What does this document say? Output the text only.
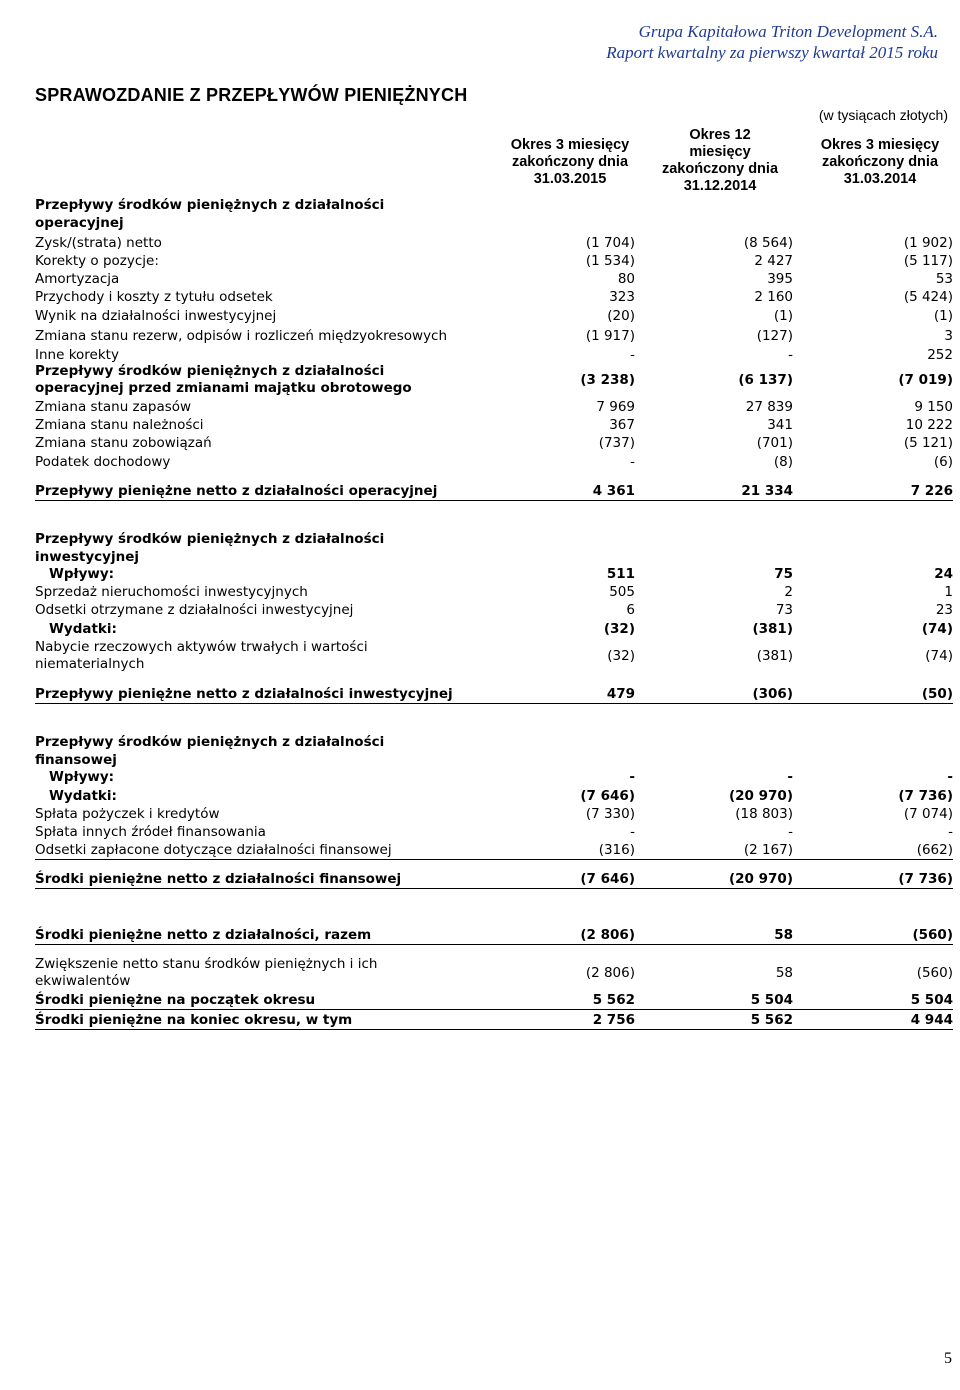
Grupa Kapitałowa Triton Development S.A.
Raport kwartalny za pierwszy kwartał 2015 roku
SPRAWOZDANIE Z PRZEPŁYWÓW PIENIĘŻNYCH
(w tysiącach złotych)
Okres 3 miesięcy
zakończony dnia
31.03.2015
Okres 12
miesięcy
zakończony dnia
31.12.2014
Okres 3 miesięcy
zakończony dnia
31.03.2014
Przepływy środków pieniężnych z działalności operacyjnej
Zysk/(strata) netto	(1 704)	(8 564)	(1 902)
Korekty o pozycje:	(1 534)	2 427	(5 117)
Amortyzacja	80	395	53
Przychody i koszty z tytułu odsetek	323	2 160	(5 424)
Wynik na działalności inwestycyjnej	(20)	(1)	(1)
Zmiana stanu rezerw, odpisów i rozliczeń międzyokresowych	(1 917)	(127)	3
Inne korekty	-	-	252
Przepływy środków pieniężnych z działalności operacyjnej przed zmianami majątku obrotowego	(3 238)	(6 137)	(7 019)
Zmiana stanu zapasów	7 969	27 839	9 150
Zmiana stanu należności	367	341	10 222
Zmiana stanu zobowiązań	(737)	(701)	(5 121)
Podatek dochodowy	-	(8)	(6)
Przepływy pieniężne netto z działalności operacyjnej	4 361	21 334	7 226
Przepływy środków pieniężnych z działalności inwestycyjnej
Wpływy:	511	75	24
Sprzedaż nieruchomości inwestycyjnych	505	2	1
Odsetki otrzymane z działalności inwestycyjnej	6	73	23
Wydatki:	(32)	(381)	(74)
Nabycie rzeczowych aktywów trwałych i wartości niematerialnych	(32)	(381)	(74)
Przepływy pieniężne netto z działalności inwestycyjnej	479	(306)	(50)
Przepływy środków pieniężnych z działalności finansowej
Wpływy:	-	-	-
Wydatki:	(7 646)	(20 970)	(7 736)
Spłata pożyczek i kredytów	(7 330)	(18 803)	(7 074)
Spłata innych źródeł finansowania	-	-	-
Odsetki zapłacone dotyczące działalności finansowej	(316)	(2 167)	(662)
Środki pieniężne netto z działalności finansowej	(7 646)	(20 970)	(7 736)
Środki pieniężne netto z działalności, razem	(2 806)	58	(560)
Zwiększenie netto stanu środków pieniężnych i ich ekwiwalentów	(2 806)	58	(560)
Środki pieniężne na początek okresu	5 562	5 504	5 504
Środki pieniężne na koniec okresu, w tym	2 756	5 562	4 944
5
